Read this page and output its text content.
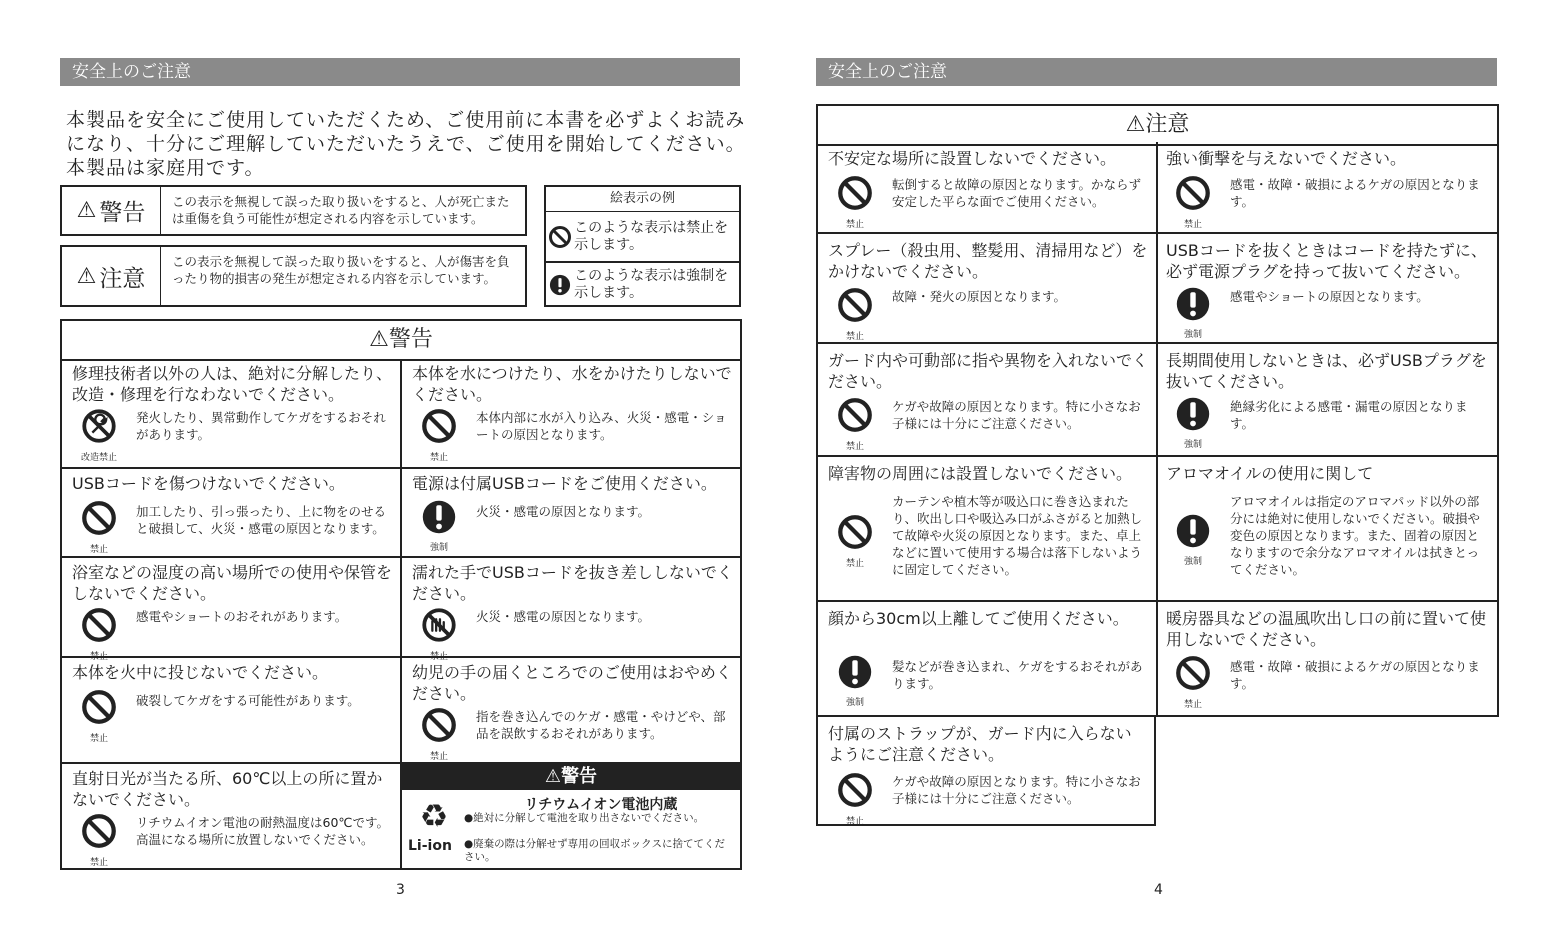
安全上のご注意
本製品を安全にご使用していただくため、ご使用前に本書を必ずよくお読みになり、十分にご理解していただいたうえで、ご使用を開始してください。本製品は家庭用です。
⚠ 警告 この表示を無視して誤った取り扱いをすると、人が死亡または重傷を負う可能性が想定される内容を示しています。
⚠ 注意
この表示を無視して誤った取り扱いをすると、人が傷害を負ったり物的損害の発生が想定される内容を示しています。
絵表示の例
このような表示は禁止を示します。
このような表示は強制を示します。
⚠警告
修理技術者以外の人は、絶対に分解したり、改造・修理を行なわないでください。
改造禁止
発火したり、異常動作してケガをするおそれがあります。
本体を水につけたり、水をかけたりしないでください。
禁止
本体内部に水が入り込み、火災・感電・ショートの原因となります。
USBコードを傷つけないでください。
禁止
加工したり、引っ張ったり、上に物をのせると破損して、火災・感電の原因となります。
電源は付属USBコードをご使用ください。
強制
火災・感電の原因となります。
浴室などの湿度の高い場所での使用や保管をしないでください。
禁止
感電やショートのおそれがあります。
濡れた手でUSBコードを抜き差ししないでください。
禁止
火災・感電の原因となります。
本体を火中に投じないでください。
禁止
破裂してケガをする可能性があります。
幼児の手の届くところでのご使用はおやめください。
禁止
指を巻き込んでのケガ・感電・やけどや、部品を誤飲するおそれがあります。
直射日光が当たる所、60℃以上の所に置かないでください。
禁止
リチウムイオン電池の耐熱温度は60℃です。高温になる場所に放置しないでください。
⚠警告
リチウムイオン電池内蔵
♻
Li-ion
●絶対に分解して電池を取り出さないでください。
●廃棄の際は分解せず専用の回収ボックスに捨ててください。
3
安全上のご注意
⚠注意
不安定な場所に設置しないでください。
禁止
転倒すると故障の原因となります。かならず安定した平らな面でご使用ください。
強い衝撃を与えないでください。
禁止
感電・故障・破損によるケガの原因となります。
スプレー（殺虫用、整髪用、清掃用など）をかけないでください。
禁止
故障・発火の原因となります。
USBコードを抜くときはコードを持たずに、必ず電源プラグを持って抜いてください。
強制
感電やショートの原因となります。
ガード内や可動部に指や異物を入れないでください。
禁止
ケガや故障の原因となります。特に小さなお子様には十分にご注意ください。
長期間使用しないときは、必ずUSBプラグを抜いてください。
強制
絶縁劣化による感電・漏電の原因となります。
障害物の周囲には設置しないでください。
禁止
カーテンや植木等が吸込口に巻き込まれたり、吹出し口や吸込み口がふさがると加熱して故障や火災の原因となります。また、卓上などに置いて使用する場合は落下しないように固定してください。
アロマオイルの使用に関して
強制
アロマオイルは指定のアロマパッド以外の部分には絶対に使用しないでください。破損や変色の原因となります。また、固着の原因となりますので余分なアロマオイルは拭きとってください。
顔から30cm以上離してご使用ください。
強制
髪などが巻き込まれ、ケガをするおそれがあります。
暖房器具などの温風吹出し口の前に置いて使用しないでください。
禁止
感電・故障・破損によるケガの原因となります。
付属のストラップが、ガード内に入らないようにご注意ください。
禁止
ケガや故障の原因となります。特に小さなお子様には十分にご注意ください。
4
